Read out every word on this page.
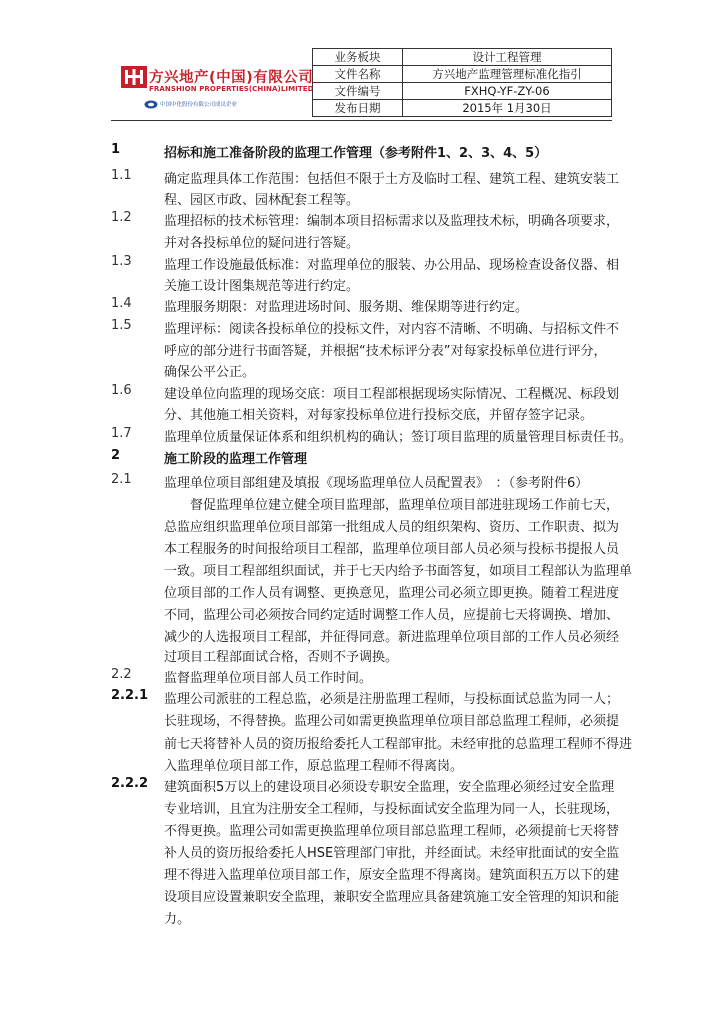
方兴地产(中国)有限公司
FRANSHION PROPERTIES(CHINA)LIMITED
中国中化股份有限公司成员企业
业务板块	设计工程管理
文件名称	方兴地产监理管理标准化指引
文件编号	FXHQ-YF-ZY-06
发布日期	2015年 1月30日
1	招标和施工准备阶段的监理工作管理（参考附件1、2、3、4、5）
1.1 确定监理具体工作范围：包括但不限于土方及临时工程、建筑工程、建筑安装工
程、园区市政、园林配套工程等。
1.2 监理招标的技术标管理：编制本项目招标需求以及监理技术标，明确各项要求，
并对各投标单位的疑问进行答疑。
1.3 监理工作设施最低标准：对监理单位的服装、办公用品、现场检查设备仪器、相
关施工设计图集规范等进行约定。
1.4 监理服务期限：对监理进场时间、服务期、维保期等进行约定。
1.5 监理评标：阅读各投标单位的投标文件，对内容不清晰、不明确、与招标文件不
呼应的部分进行书面答疑，并根据“技术标评分表”对每家投标单位进行评分，
确保公平公正。
1.6 建设单位向监理的现场交底：项目工程部根据现场实际情况、工程概况、标段划
分、其他施工相关资料，对每家投标单位进行投标交底，并留存签字记录。
1.7 监理单位质量保证体系和组织机构的确认；签订项目监理的质量管理目标责任书。
2	施工阶段的监理工作管理
2.1 监理单位项目部组建及填报《现场监理单位人员配置表》　：（参考附件6）
　　督促监理单位建立健全项目监理部，监理单位项目部进驻现场工作前七天，
总监应组织监理单位项目部第一批组成人员的组织架构、资历、工作职责、拟为
本工程服务的时间报给项目工程部，监理单位项目部人员必须与投标书提报人员
一致。项目工程部组织面试，并于七天内给予书面答复，如项目工程部认为监理单
位项目部的工作人员有调整、更换意见，监理公司必须立即更换。随着工程进度
不同，监理公司必须按合同约定适时调整工作人员，应提前七天将调换、增加、
减少的人选报项目工程部，并征得同意。新进监理单位项目部的工作人员必须经
过项目工程部面试合格，否则不予调换。
2.2 监督监理单位项目部人员工作时间。
2.2.1 监理公司派驻的工程总监，必须是注册监理工程师，与投标面试总监为同一人；
长驻现场，不得替换。监理公司如需更换监理单位项目部总监理工程师，必须提
前七天将替补人员的资历报给委托人工程部审批。未经审批的总监理工程师不得进
入监理单位项目部工作，原总监理工程师不得离岗。
2.2.2 建筑面积5万以上的建设项目必须设专职安全监理，安全监理必须经过安全监理
专业培训，且宜为注册安全工程师，与投标面试安全监理为同一人，长驻现场，
不得更换。监理公司如需更换监理单位项目部总监理工程师，必须提前七天将替
补人员的资历报给委托人HSE管理部门审批，并经面试。未经审批面试的安全监
理不得进入监理单位项目部工作，原安全监理不得离岗。建筑面积五万以下的建
设项目应设置兼职安全监理，兼职安全监理应具备建筑施工安全管理的知识和能
力。
